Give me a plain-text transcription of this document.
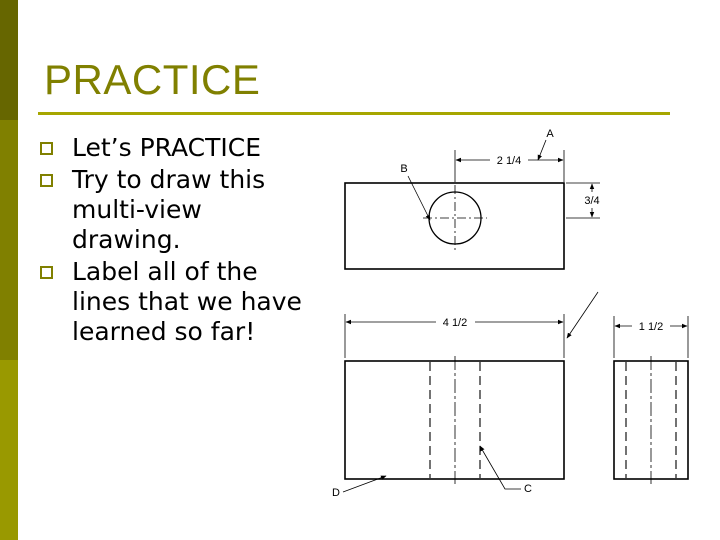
PRACTICE
Let’s PRACTICE
Try to draw this multi-view drawing.
Label all of the lines that we have learned so far!
2 1/4
3/4
B
A
4 1/2
D	C
1 1/2
